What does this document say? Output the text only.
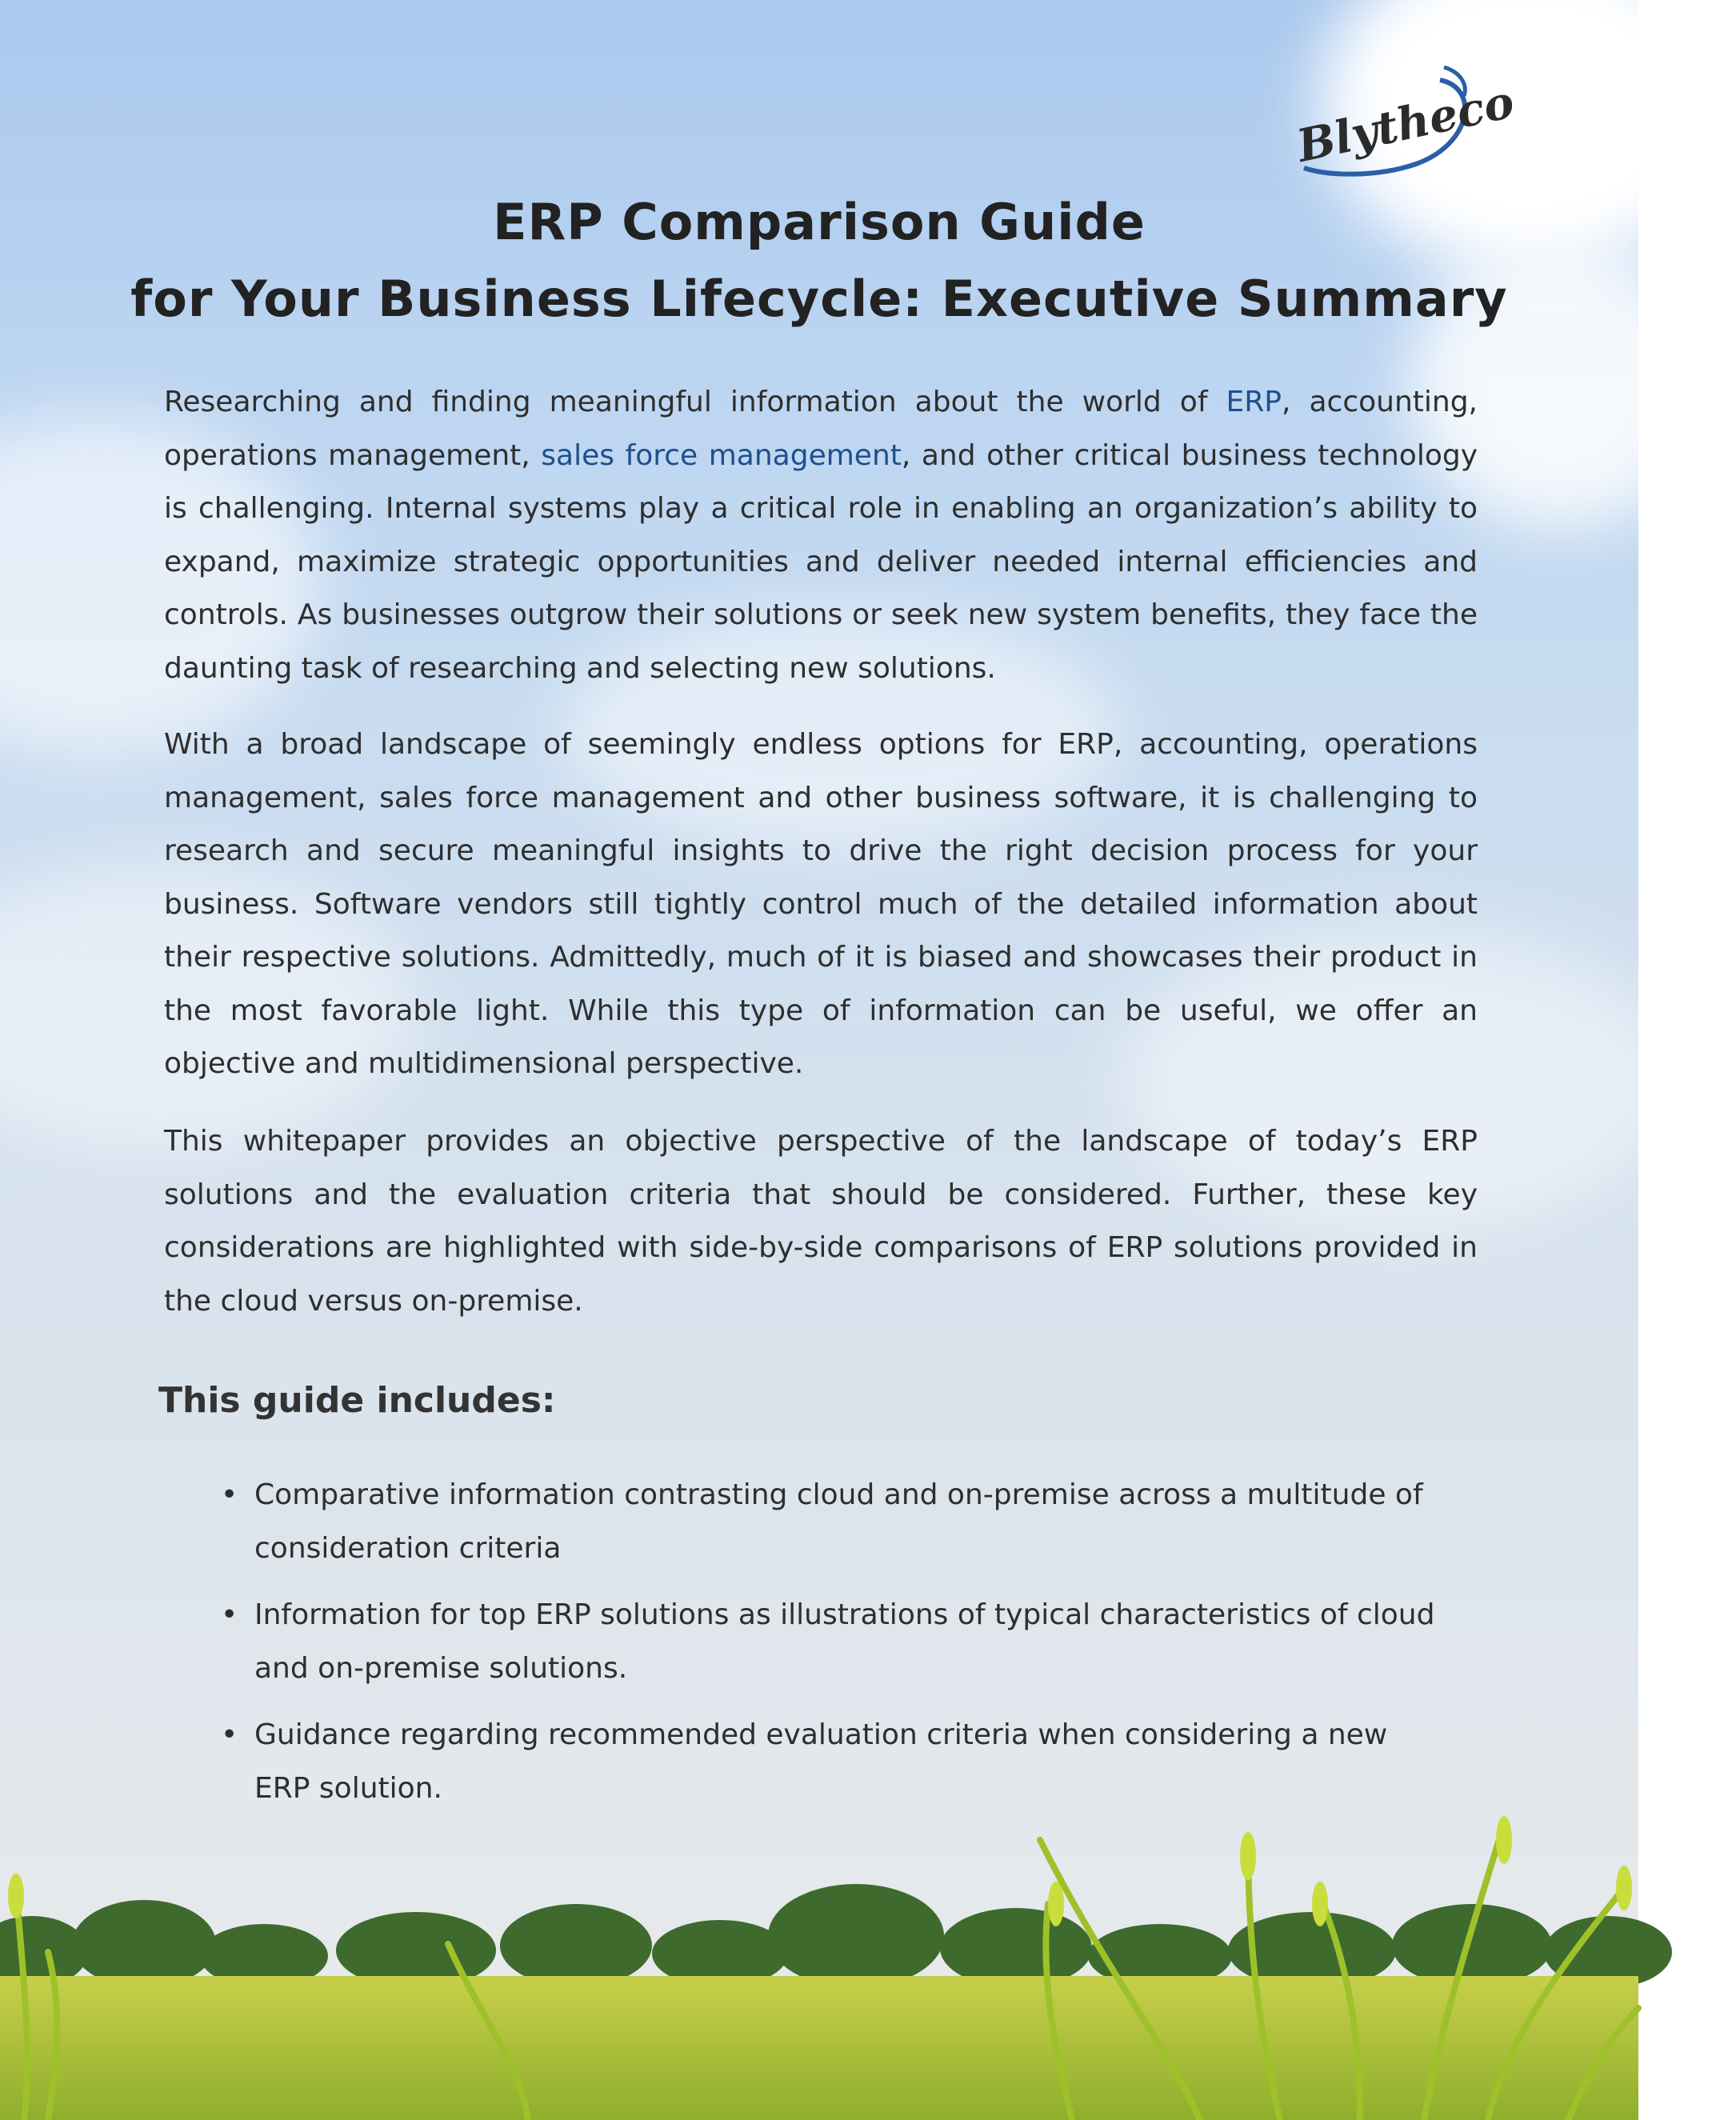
Blytheco
ERP Comparison Guide
for Your Business Lifecycle: Executive Summary
Researching and finding meaningful information about the world of ERP, accounting, operations management, sales force management, and other critical business technology is challenging. Internal systems play a critical role in enabling an organization’s ability to expand, maximize strategic opportunities and deliver needed internal efficiencies and controls. As businesses outgrow their solutions or seek new system benefits, they face the daunting task of researching and selecting new solutions.
With a broad landscape of seemingly endless options for ERP, accounting, operations management, sales force management and other business software, it is challenging to research and secure meaningful insights to drive the right decision process for your business. Software vendors still tightly control much of the detailed information about their respective solutions. Admittedly, much of it is biased and showcases their product in the most favorable light. While this type of information can be useful, we offer an objective and multidimensional perspective.
This whitepaper provides an objective perspective of the landscape of today’s ERP solutions and the evaluation criteria that should be considered. Further, these key considerations are highlighted with side-by-side comparisons of ERP solutions provided in the cloud versus on-premise.
This guide includes:
• Comparative information contrasting cloud and on-premise across a multitude of consideration criteria
• Information for top ERP solutions as illustrations of typical characteristics of cloud and on-premise solutions.
• Guidance regarding recommended evaluation criteria when considering a new ERP solution.
